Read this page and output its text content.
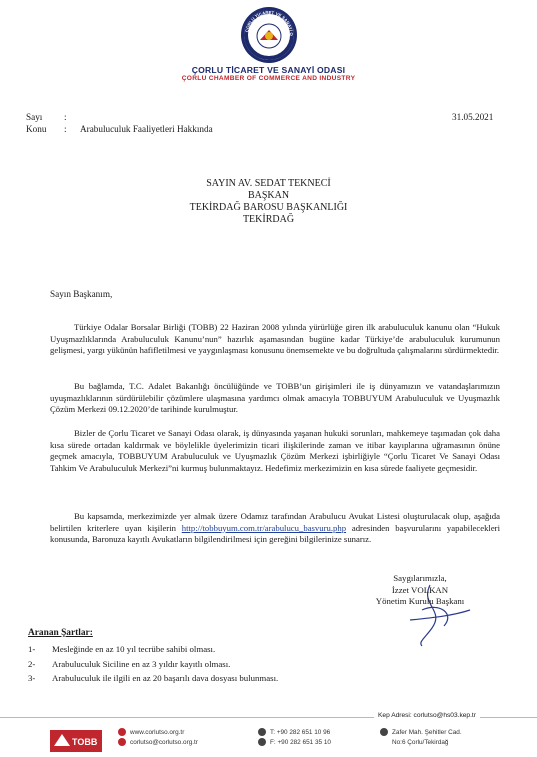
ÇORLU TİCARET VE SANAYİ O
ÇORLU TİCARET VE SANAYİ ODASI
ÇORLU CHAMBER OF COMMERCE AND INDUSTRY
Sayı	:
Konu	: Arabuluculuk Faaliyetleri Hakkında
31.05.2021
SAYIN AV. SEDAT TEKNECİ
BAŞKAN
TEKİRDAĞ BAROSU BAŞKANLIĞI
TEKİRDAĞ
Sayın Başkanım,
Türkiye Odalar Borsalar Birliği (TOBB) 22 Haziran 2008 yılında yürürlüğe giren ilk arabuluculuk kanunu olan “Hukuk Uyuşmazlıklarında Arabuluculuk Kanunu’nun” hazırlık aşamasından bugüne kadar Türkiye’de arabuluculuk kurumunun gelişmesi, yargı yükünün hafifletilmesi ve yaygınlaşması konusunu önemsemekte ve bu doğrultuda çalışmalarını sürdürmektedir.
Bu bağlamda, T.C. Adalet Bakanlığı öncülüğünde ve TOBB’un girişimleri ile iş dünyamızın ve vatandaşlarımızın uyuşmazlıklarının sürdürülebilir çözümlere ulaşmasına yardımcı olmak amacıyla TOBBUYUM Arabuluculuk ve Uyuşmazlık Çözüm Merkezi 09.12.2020’de tarihinde kurulmuştur.
Bizler de Çorlu Ticaret ve Sanayi Odası olarak, iş dünyasında yaşanan hukuki sorunları, mahkemeye taşımadan çok daha kısa sürede ortadan kaldırmak ve böylelikle üyelerimizin ticari ilişkilerinde zaman ve itibar kayıplarına uğramasının önüne geçmek amacıyla, TOBBUYUM Arabuluculuk ve Uyuşmazlık Çözüm Merkezi işbirliğiyle “Çorlu Ticaret Ve Sanayi Odası Tahkim Ve Arabuluculuk Merkezi”ni kurmuş bulunmaktayız. Hedefimiz merkezimizin en kısa sürede faaliyete geçmesidir.
Bu kapsamda, merkezimizde yer almak üzere Odamız tarafından Arabulucu Avukat Listesi oluşturulacak olup, aşağıda belirtilen kriterlere uyan kişilerin http://tobbuyum.com.tr/arabulucu_basvuru.php adresinden başvurularını yapabilecekleri konusunda, Baronuza kayıtlı Avukatların bilgilendirilmesi için gereğini bilgilerinize sunarız.
Saygılarımızla,
İzzet VOLKAN
Yönetim Kurulu Başkanı
Aranan Şartlar:
1- Mesleğinde en az 10 yıl tecrübe sahibi olması.
2- Arabuluculuk Siciline en az 3 yıldır kayıtlı olması.
3- Arabuluculuk ile ilgili en az 20 başarılı dava dosyası bulunması.
Kep Adresi: corlutso@hs03.kep.tr
TOBB
www.corlutso.org.tr
corlutso@corlutso.org.tr
T: +90 282 651 10 96
F: +90 282 651 35 10
Zafer Mah. Şehitler Cad.
No:6 Çorlu/Tekirdağ
